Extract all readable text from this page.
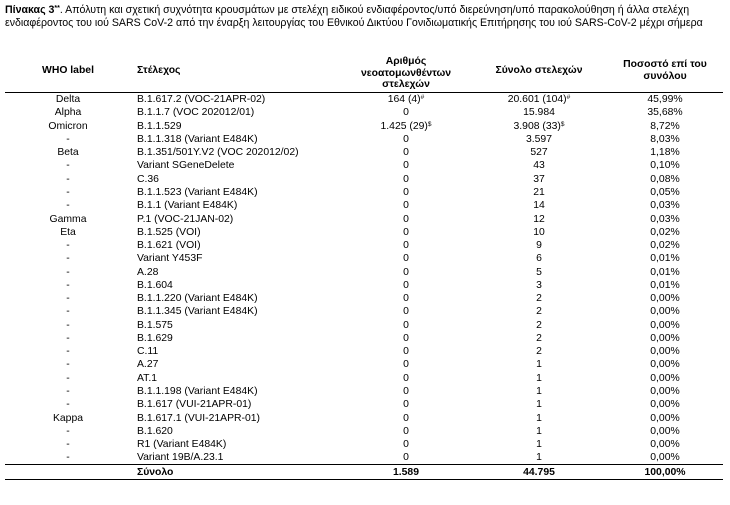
Πίνακας 3**. Απόλυτη και σχετική συχνότητα κρουσμάτων με στελέχη ειδικού ενδιαφέροντος/υπό διερεύνηση/υπό παρακολούθηση ή άλλα στελέχη ενδιαφέροντος του ιού SARS CoV-2 από την έναρξη λειτουργίας του Εθνικού Δικτύου Γονιδιωματικής Επιτήρησης του ιού SARS-CoV-2 μέχρι σήμερα
WHO label	Στέλεχος	Αριθμός νεοατομωνθέντων στελεχών	Σύνολο στελεχών	Ποσοστό επί του συνόλου
Delta	B.1.617.2 (VOC-21APR-02)	164 (4)#	20.601 (104)#	45,99%
Alpha	B.1.1.7 (VOC 202012/01)	0	15.984	35,68%
Omicron	B.1.1.529	1.425 (29)$	3.908 (33)$	8,72%
-	B.1.1.318 (Variant E484K)	0	3.597	8,03%
Beta	B.1.351/501Y.V2 (VOC 202012/02)	0	527	1,18%
-	Variant SGeneDelete	0	43	0,10%
-	C.36	0	37	0,08%
-	B.1.1.523 (Variant E484K)	0	21	0,05%
-	B.1.1 (Variant E484K)	0	14	0,03%
Gamma	P.1 (VOC-21JAN-02)	0	12	0,03%
Eta	B.1.525 (VOI)	0	10	0,02%
-	B.1.621 (VOI)	0	9	0,02%
-	Variant Y453F	0	6	0,01%
-	A.28	0	5	0,01%
-	B.1.604	0	3	0,01%
-	B.1.1.220 (Variant E484K)	0	2	0,00%
-	B.1.1.345 (Variant E484K)	0	2	0,00%
-	B.1.575	0	2	0,00%
-	B.1.629	0	2	0,00%
-	C.11	0	2	0,00%
-	A.27	0	1	0,00%
-	AT.1	0	1	0,00%
-	B.1.1.198 (Variant E484K)	0	1	0,00%
-	B.1.617 (VUI-21APR-01)	0	1	0,00%
Kappa	B.1.617.1 (VUI-21APR-01)	0	1	0,00%
-	B.1.620	0	1	0,00%
-	R1 (Variant E484K)	0	1	0,00%
-	Variant 19B/A.23.1	0	1	0,00%
	Σύνολο	1.589	44.795	100,00%
